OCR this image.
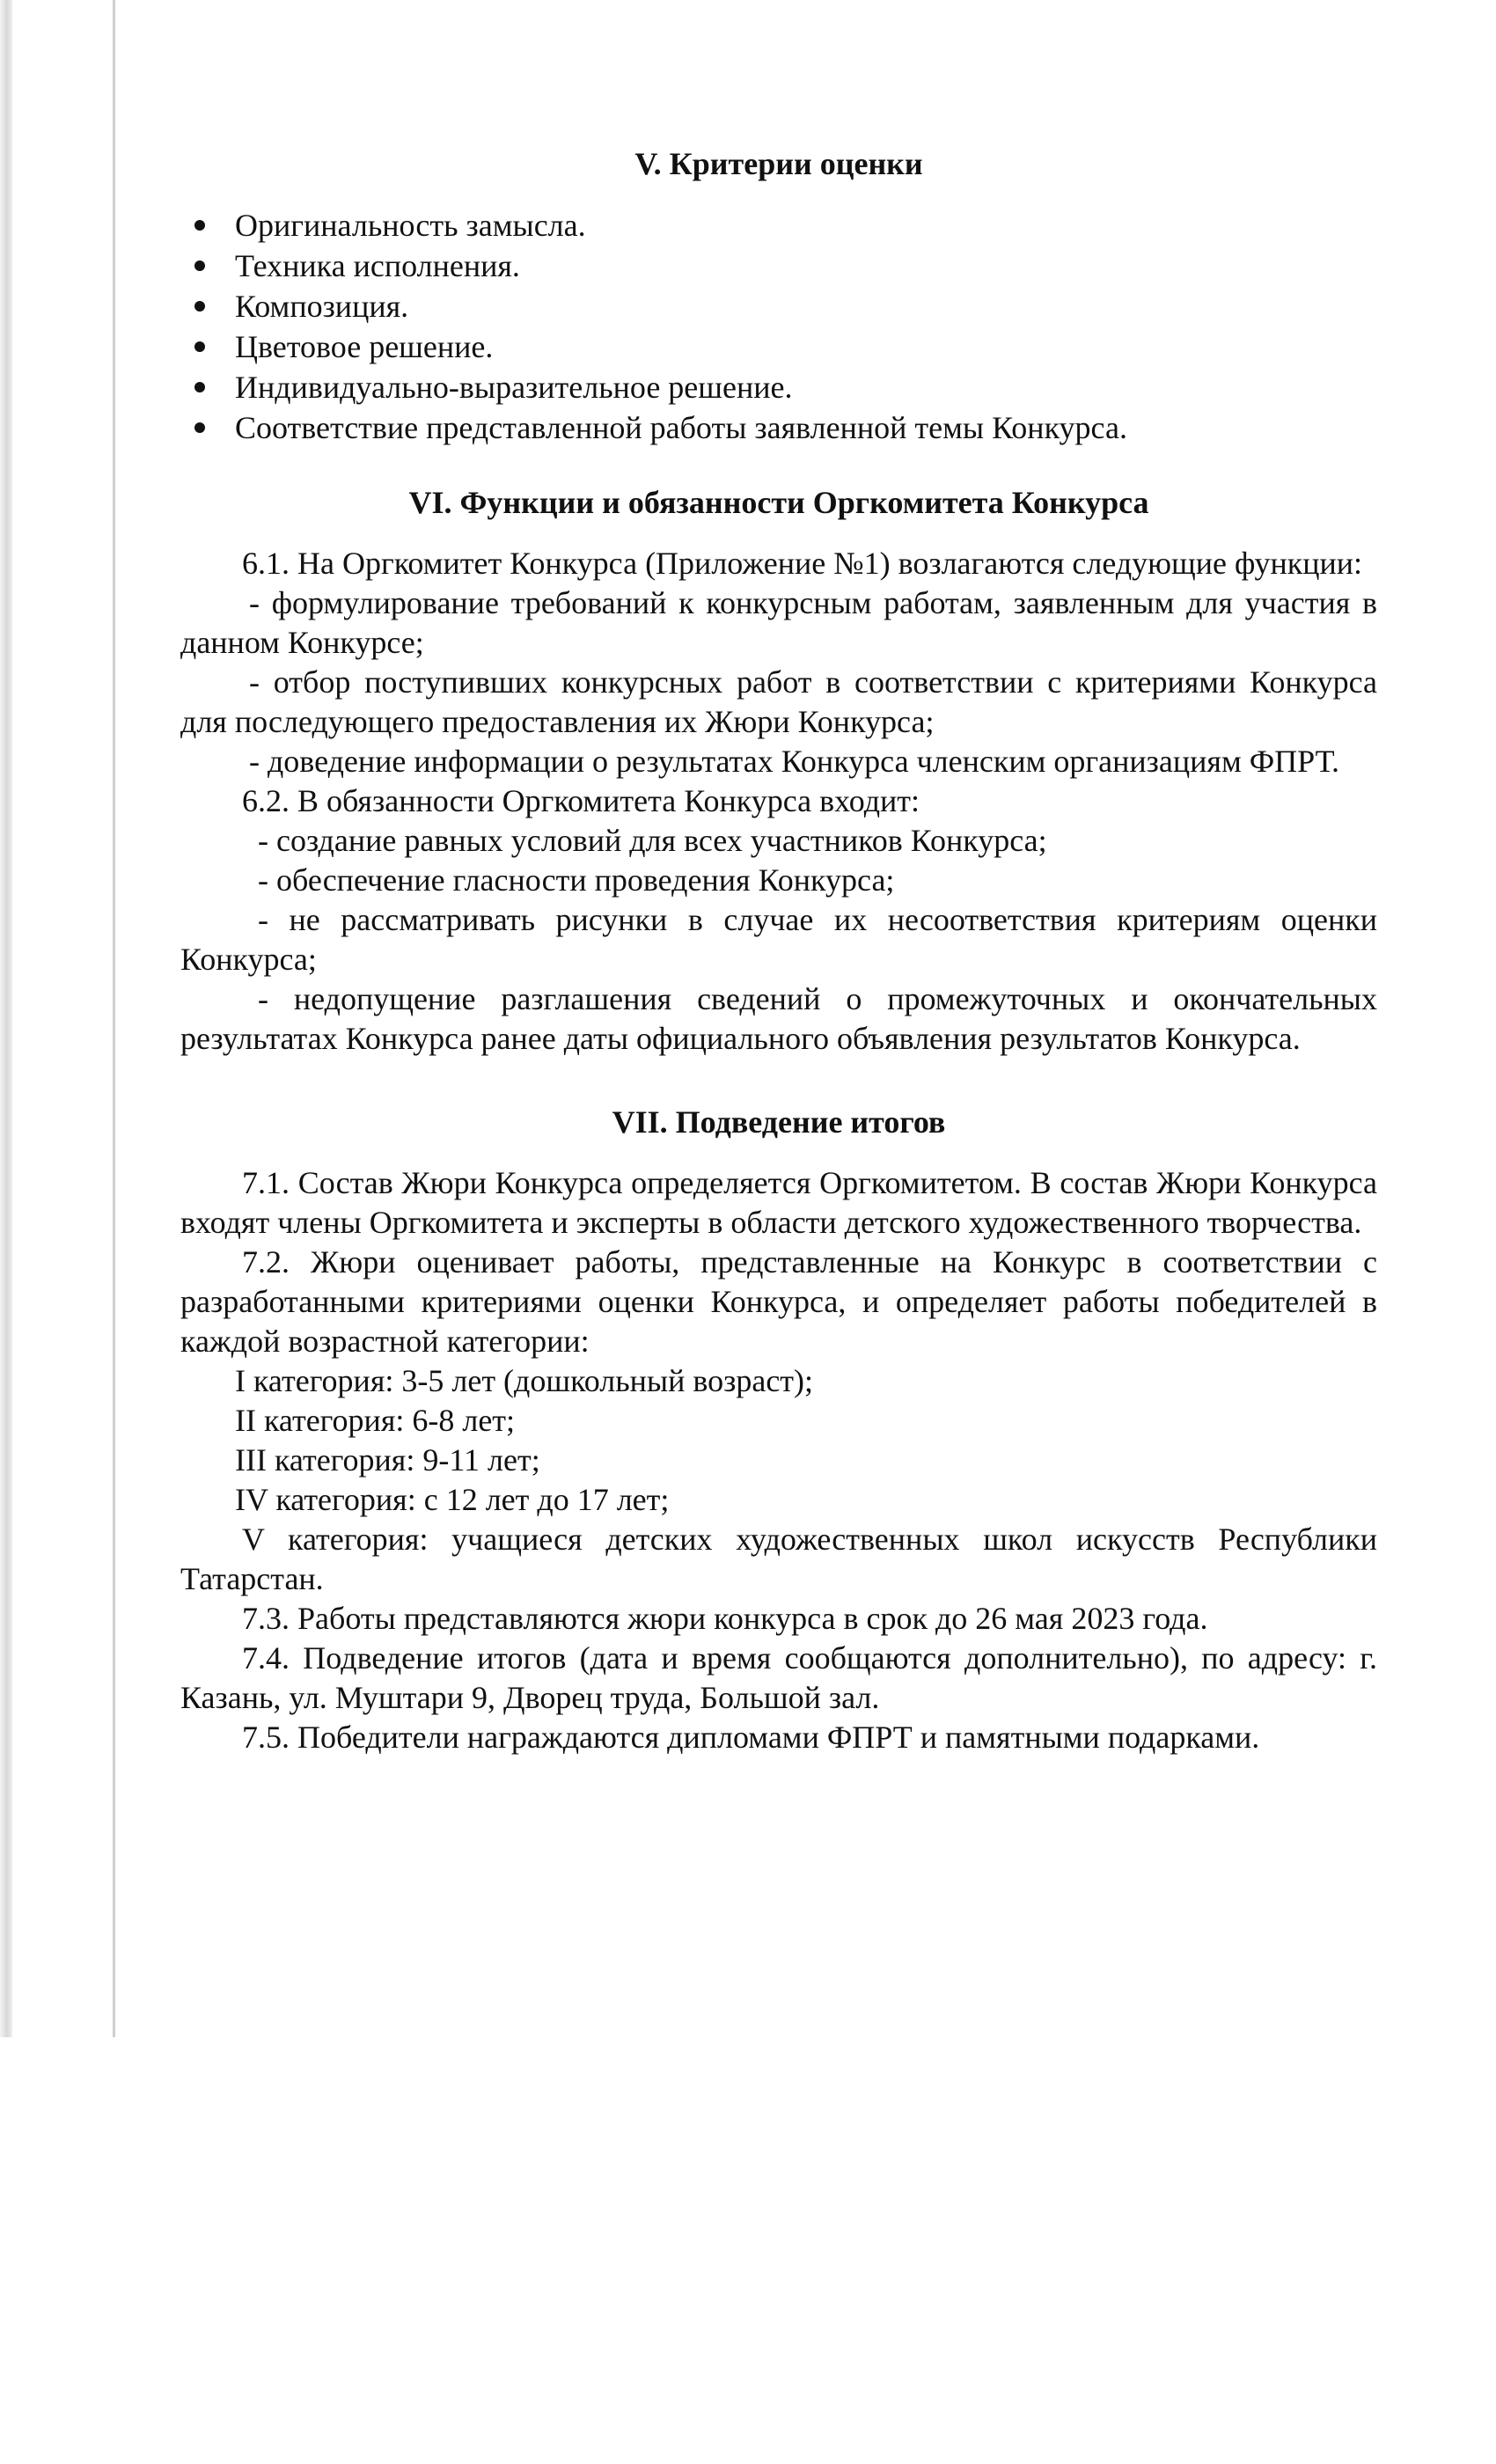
V. Критерии оценки
Оригинальность замысла.
Техника исполнения.
Композиция.
Цветовое решение.
Индивидуально-выразительное решение.
Соответствие представленной работы заявленной темы Конкурса.
VI. Функции и обязанности Оргкомитета Конкурса

6.1. На Оргкомитет Конкурса (Приложение №1) возлагаются следующие функции:

- формулирование требований к конкурсным работам, заявленным для участия в данном Конкурсе;

- отбор поступивших конкурсных работ в соответствии с критериями Конкурса для последующего предоставления их Жюри Конкурса;

- доведение информации о результатах Конкурса членским организациям ФПРТ.

6.2. В обязанности Оргкомитета Конкурса входит:

- создание равных условий для всех участников Конкурса;

- обеспечение гласности проведения Конкурса;

- не рассматривать рисунки в случае их несоответствия критериям оценки Конкурса;

- недопущение разглашения сведений о промежуточных и окончательных результатах Конкурса ранее даты официального объявления результатов Конкурса.

VII. Подведение итогов

7.1. Состав Жюри Конкурса определяется Оргкомитетом. В состав Жюри Конкурса входят члены Оргкомитета и эксперты в области детского художественного творчества.

7.2. Жюри оценивает работы, представленные на Конкурс в соответствии с разработанными критериями оценки Конкурса, и определяет работы победителей в каждой возрастной категории:

I категория: 3-5 лет (дошкольный возраст);

II категория: 6-8 лет;

III категория: 9-11 лет;

IV категория: с 12 лет до 17 лет;

V категория: учащиеся детских художественных школ искусств Республики Татарстан.

7.3. Работы представляются жюри конкурса в срок до 26 мая 2023 года.

7.4. Подведение итогов (дата и время сообщаются дополнительно), по адресу: г. Казань, ул. Муштари 9, Дворец труда, Большой зал.

7.5. Победители награждаются дипломами ФПРТ и памятными подарками.
